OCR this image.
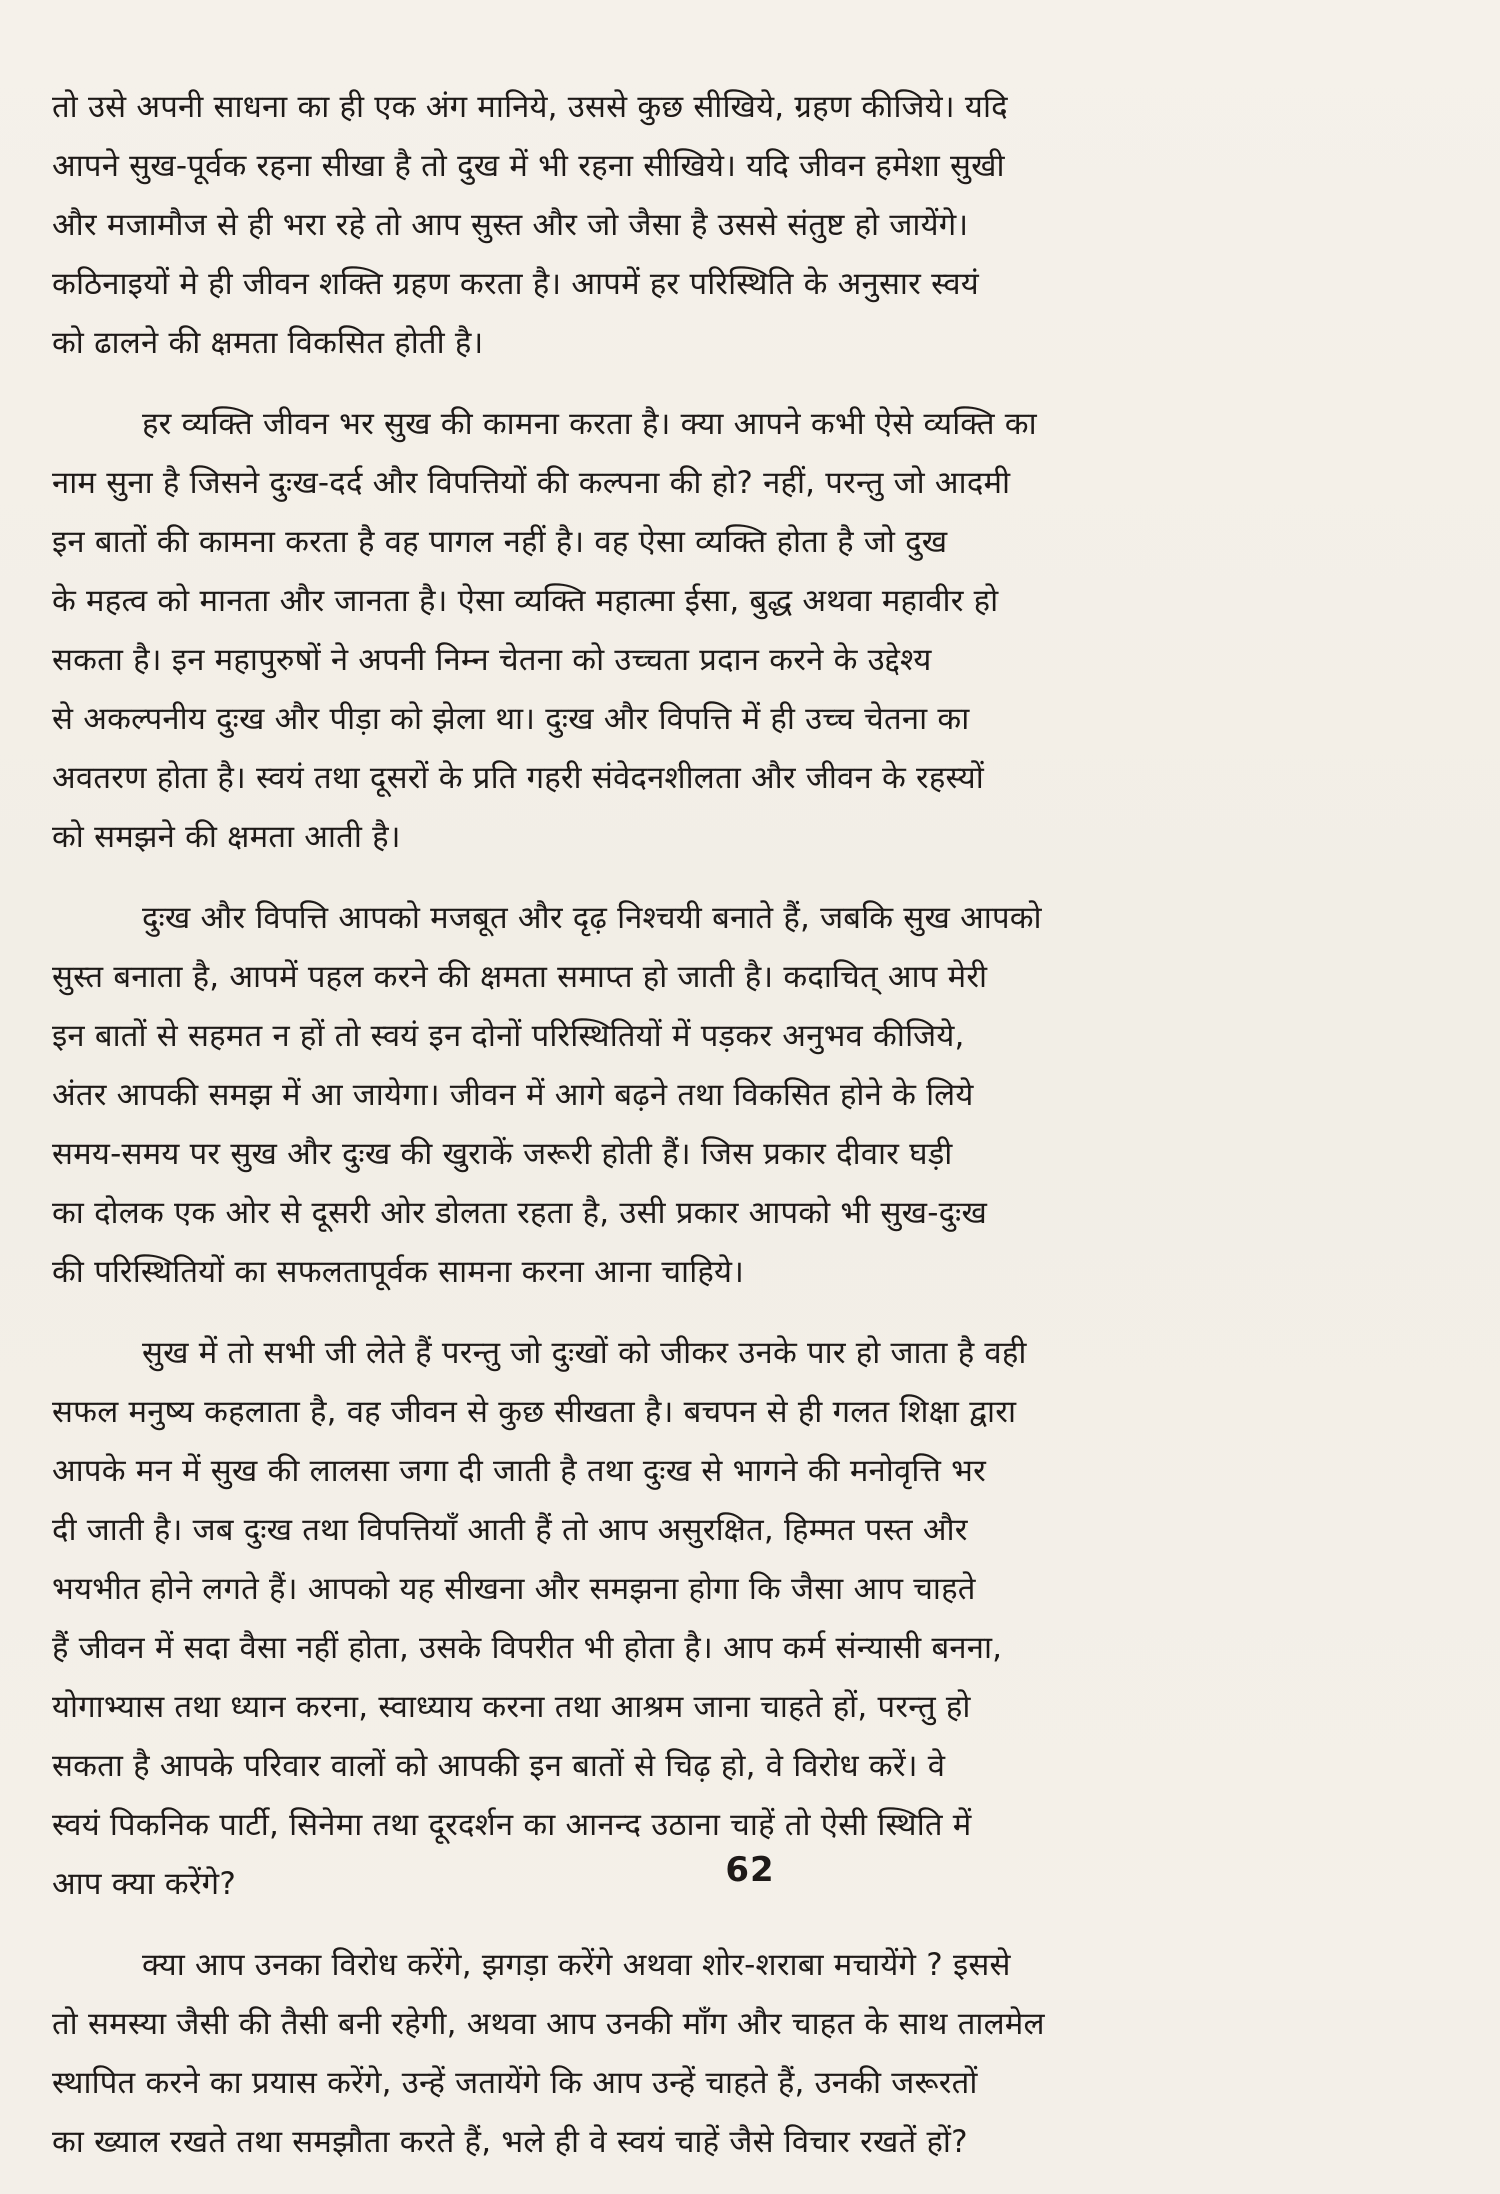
तो उसे अपनी साधना का ही एक अंग मानिये, उससे कुछ सीखिये, ग्रहण कीजिये। यदि
आपने सुख-पूर्वक रहना सीखा है तो दुख में भी रहना सीखिये। यदि जीवन हमेशा सुखी
और मजामौज से ही भरा रहे तो आप सुस्त और जो जैसा है उससे संतुष्ट हो जायेंगे।
कठिनाइयों मे ही जीवन शक्ति ग्रहण करता है। आपमें हर परिस्थिति के अनुसार स्वयं
को ढालने की क्षमता विकसित होती है।
हर व्यक्ति जीवन भर सुख की कामना करता है। क्या आपने कभी ऐसे व्यक्ति का
नाम सुना है जिसने दुःख-दर्द और विपत्तियों की कल्पना की हो? नहीं, परन्तु जो आदमी
इन बातों की कामना करता है वह पागल नहीं है। वह ऐसा व्यक्ति होता है जो दुख
के महत्व को मानता और जानता है। ऐसा व्यक्ति महात्मा ईसा, बुद्ध अथवा महावीर हो
सकता है। इन महापुरुषों ने अपनी निम्न चेतना को उच्चता प्रदान करने के उद्देश्य
से अकल्पनीय दुःख और पीड़ा को झेला था। दुःख और विपत्ति में ही उच्च चेतना का
अवतरण होता है। स्वयं तथा दूसरों के प्रति गहरी संवेदनशीलता और जीवन के रहस्यों
को समझने की क्षमता आती है।
दुःख और विपत्ति आपको मजबूत और दृढ़ निश्चयी बनाते हैं, जबकि सुख आपको
सुस्त बनाता है, आपमें पहल करने की क्षमता समाप्त हो जाती है। कदाचित् आप मेरी
इन बातों से सहमत न हों तो स्वयं इन दोनों परिस्थितियों में पड़कर अनुभव कीजिये,
अंतर आपकी समझ में आ जायेगा। जीवन में आगे बढ़ने तथा विकसित होने के लिये
समय-समय पर सुख और दुःख की खुराकें जरूरी होती हैं। जिस प्रकार दीवार घड़ी
का दोलक एक ओर से दूसरी ओर डोलता रहता है, उसी प्रकार आपको भी सुख-दुःख
की परिस्थितियों का सफलतापूर्वक सामना करना आना चाहिये।
सुख में तो सभी जी लेते हैं परन्तु जो दुःखों को जीकर उनके पार हो जाता है वही
सफल मनुष्य कहलाता है, वह जीवन से कुछ सीखता है। बचपन से ही गलत शिक्षा द्वारा
आपके मन में सुख की लालसा जगा दी जाती है तथा दुःख से भागने की मनोवृत्ति भर
दी जाती है। जब दुःख तथा विपत्तियाँ आती हैं तो आप असुरक्षित, हिम्मत पस्त और
भयभीत होने लगते हैं। आपको यह सीखना और समझना होगा कि जैसा आप चाहते
हैं जीवन में सदा वैसा नहीं होता, उसके विपरीत भी होता है। आप कर्म संन्यासी बनना,
योगाभ्यास तथा ध्यान करना, स्वाध्याय करना तथा आश्रम जाना चाहते हों, परन्तु हो
सकता है आपके परिवार वालों को आपकी इन बातों से चिढ़ हो, वे विरोध करें। वे
स्वयं पिकनिक पार्टी, सिनेमा तथा दूरदर्शन का आनन्द उठाना चाहें तो ऐसी स्थिति में
आप क्या करेंगे?
क्या आप उनका विरोध करेंगे, झगड़ा करेंगे अथवा शोर-शराबा मचायेंगे ? इससे
तो समस्या जैसी की तैसी बनी रहेगी, अथवा आप उनकी माँग और चाहत के साथ तालमेल
स्थापित करने का प्रयास करेंगे, उन्हें जतायेंगे कि आप उन्हें चाहते हैं, उनकी जरूरतों
का ख्याल रखते तथा समझौता करते हैं, भले ही वे स्वयं चाहें जैसे विचार रखतें हों?
62
